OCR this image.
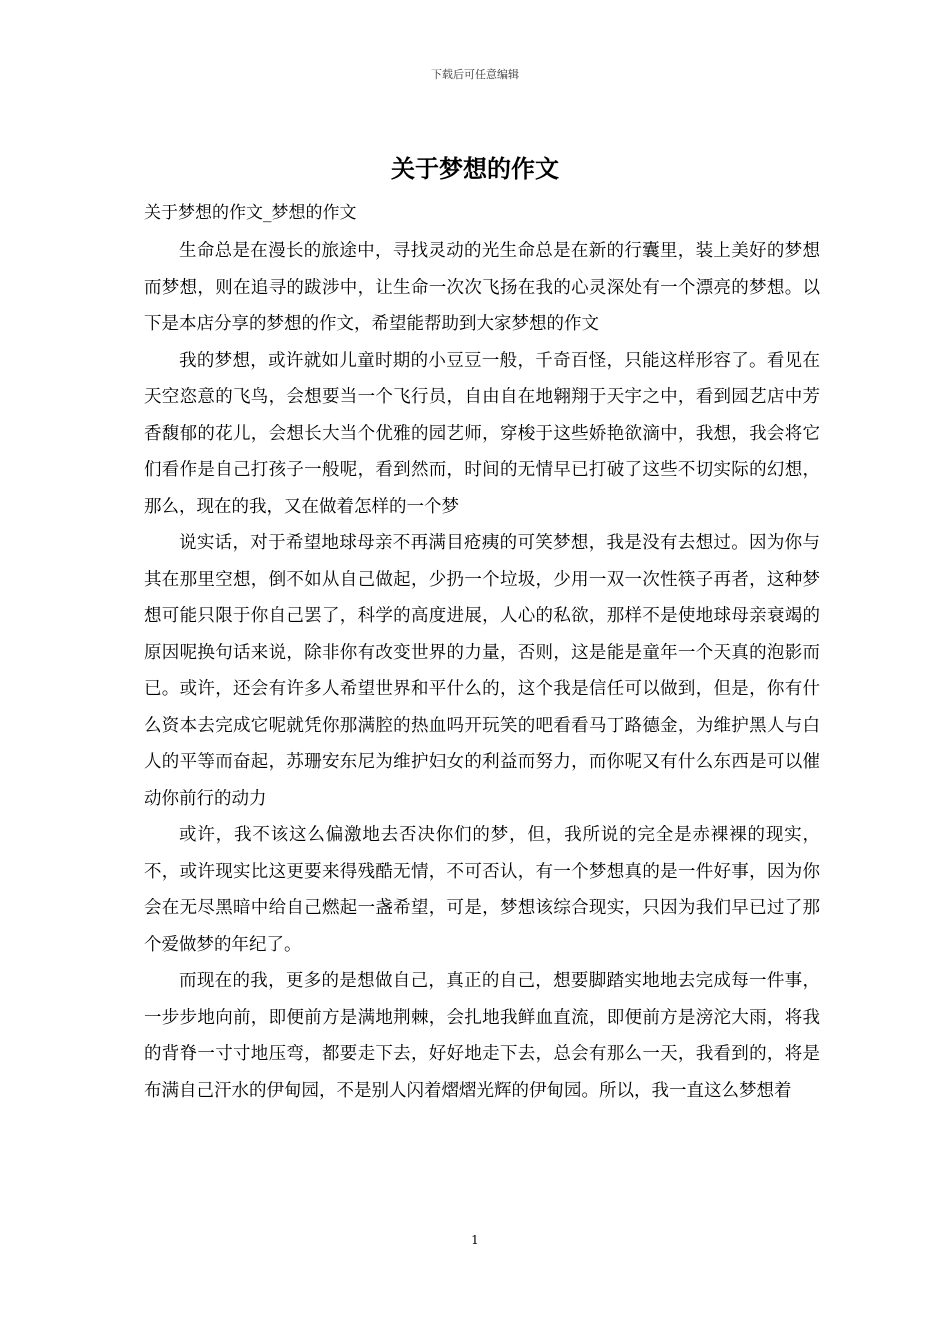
下载后可任意编辑
关于梦想的作文
关于梦想的作文_梦想的作文

生命总是在漫长的旅途中，寻找灵动的光生命总是在新的行囊里，装上美好的梦想而梦想，则在追寻的跋涉中，让生命一次次飞扬在我的心灵深处有一个漂亮的梦想。以下是本店分享的梦想的作文，希望能帮助到大家梦想的作文

我的梦想，或许就如儿童时期的小豆豆一般，千奇百怪，只能这样形容了。看见在天空恣意的飞鸟，会想要当一个飞行员，自由自在地翱翔于天宇之中，看到园艺店中芳香馥郁的花儿，会想长大当个优雅的园艺师，穿梭于这些娇艳欲滴中，我想，我会将它们看作是自己打孩子一般呢，看到然而，时间的无情早已打破了这些不切实际的幻想，那么，现在的我，又在做着怎样的一个梦

说实话，对于希望地球母亲不再满目疮痍的可笑梦想，我是没有去想过。因为你与其在那里空想，倒不如从自己做起，少扔一个垃圾，少用一双一次性筷子再者，这种梦想可能只限于你自己罢了，科学的高度进展，人心的私欲，那样不是使地球母亲衰竭的原因呢换句话来说，除非你有改变世界的力量，否则，这是能是童年一个天真的泡影而已。或许，还会有许多人希望世界和平什么的，这个我是信任可以做到，但是，你有什么资本去完成它呢就凭你那满腔的热血吗开玩笑的吧看看马丁路德金，为维护黑人与白人的平等而奋起，苏珊安东尼为维护妇女的利益而努力，而你呢又有什么东西是可以催动你前行的动力

或许，我不该这么偏激地去否决你们的梦，但，我所说的完全是赤裸裸的现实，不，或许现实比这更要来得残酷无情，不可否认，有一个梦想真的是一件好事，因为你会在无尽黑暗中给自己燃起一盏希望，可是，梦想该综合现实，只因为我们早已过了那个爱做梦的年纪了。

而现在的我，更多的是想做自己，真正的自己，想要脚踏实地地去完成每一件事，一步步地向前，即便前方是满地荆棘，会扎地我鲜血直流，即便前方是滂沱大雨，将我的背脊一寸寸地压弯，都要走下去，好好地走下去，总会有那么一天，我看到的，将是布满自己汗水的伊甸园，不是别人闪着熠熠光辉的伊甸园。所以，我一直这么梦想着

1
